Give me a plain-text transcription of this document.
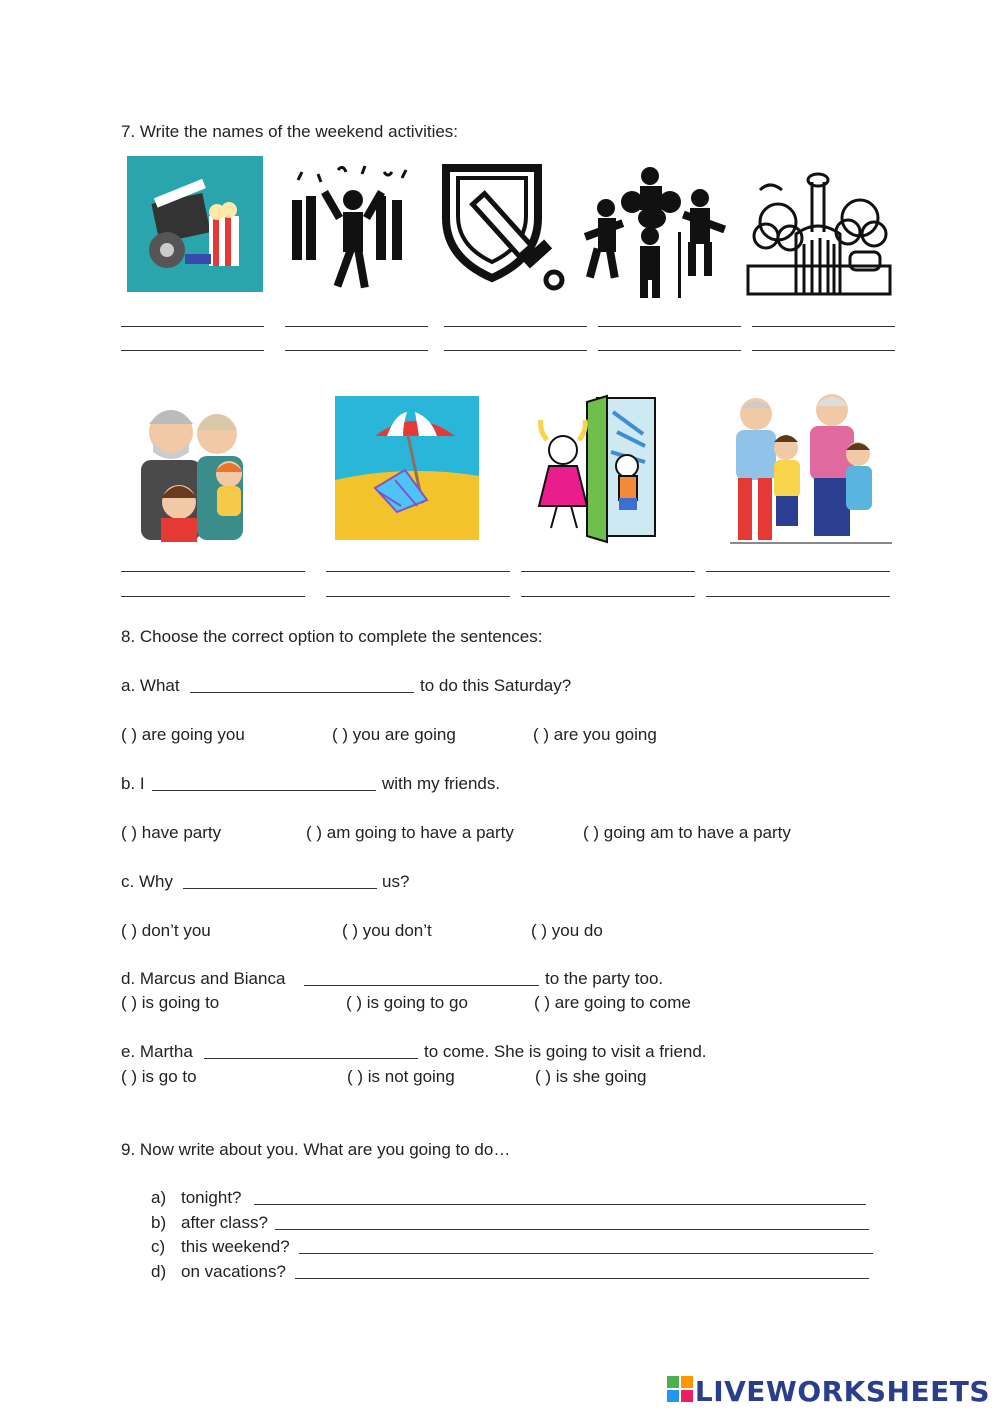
7. Write the names of the weekend activities:
8. Choose the correct option to complete the sentences:
a. What	to do this Saturday?
( ) are going you	( ) you are going	( ) are you going
b. I	with my friends.
( ) have party	( ) am going to have a party	( ) going am to have a party
c. Why	us?
( ) don’t you	( ) you don’t	( ) you do
d. Marcus and Bianca	to the party too.
( ) is going to	( ) is going to go	( ) are going to come
e. Martha	to come. She is going to visit a friend.
( ) is go to	( ) is not going	( ) is she going
9. Now write about you. What are you going to do…
a) tonight?
b) after class?
c) this weekend?
d) on vacations?
LIVEWORKSHEETS
